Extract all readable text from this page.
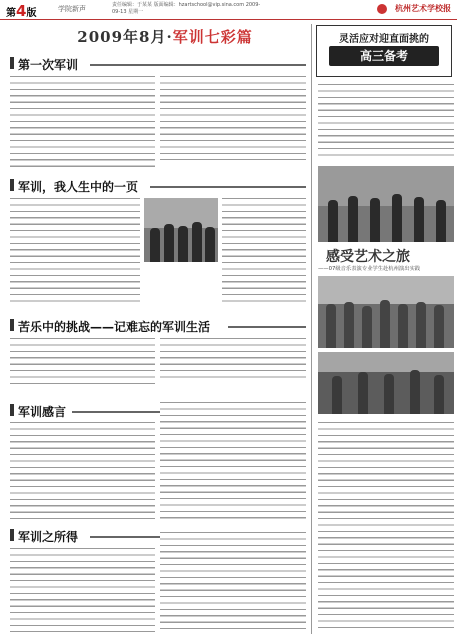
第4版	学院新声	责任编辑：于某某 版面编辑：hzartschool@vip.sina.com 2009-09-13 星期一	杭州艺术学校报
2009年8月·军训七彩篇
第一次军训
军训，我人生中的一页
苦乐中的挑战——记难忘的军训生活
军训感言
军训之所得
灵活应对迎直面挑的
高三备考
感受艺术之旅
——07级音乐表演专业学生赴杭州演出实践
